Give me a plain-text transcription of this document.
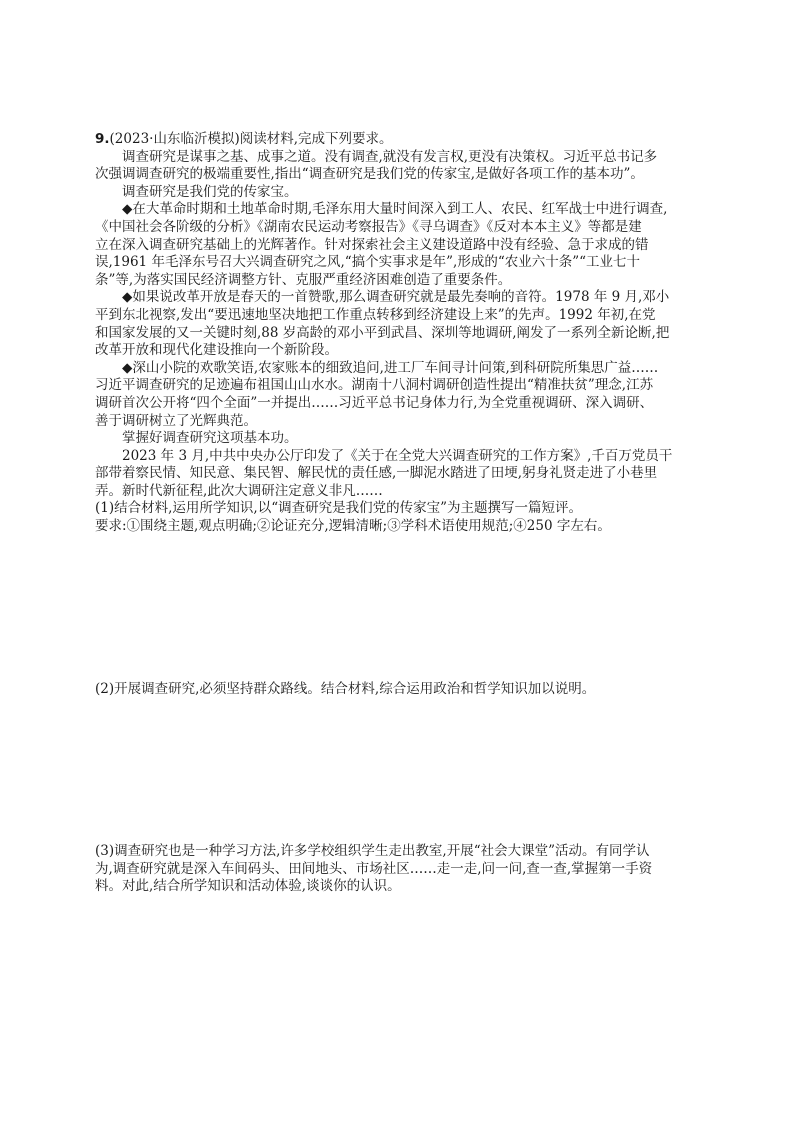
9.(2023·山东临沂模拟)阅读材料,完成下列要求。

调查研究是谋事之基、成事之道。没有调查,就没有发言权,更没有决策权。习近平总书记多

次强调调查研究的极端重要性,指出“调查研究是我们党的传家宝,是做好各项工作的基本功”。

调查研究是我们党的传家宝。

◆在大革命时期和土地革命时期,毛泽东用大量时间深入到工人、农民、红军战士中进行调查,

《中国社会各阶级的分析》《湖南农民运动考察报告》《寻乌调查》《反对本本主义》等都是建

立在深入调查研究基础上的光辉著作。针对探索社会主义建设道路中没有经验、急于求成的错

误,1961 年毛泽东号召大兴调查研究之风,“搞个实事求是年”,形成的“农业六十条”“工业七十

条”等,为落实国民经济调整方针、克服严重经济困难创造了重要条件。

◆如果说改革开放是春天的一首赞歌,那么调查研究就是最先奏响的音符。1978 年 9 月,邓小

平到东北视察,发出“要迅速地坚决地把工作重点转移到经济建设上来”的先声。1992 年初,在党

和国家发展的又一关键时刻,88 岁高龄的邓小平到武昌、深圳等地调研,阐发了一系列全新论断,把

改革开放和现代化建设推向一个新阶段。

◆深山小院的欢歌笑语,农家账本的细致追问,进工厂车间寻计问策,到科研院所集思广益……

习近平调查研究的足迹遍布祖国山山水水。湖南十八洞村调研创造性提出“精准扶贫”理念,江苏

调研首次公开将“四个全面”一并提出……习近平总书记身体力行,为全党重视调研、深入调研、

善于调研树立了光辉典范。

掌握好调查研究这项基本功。

2023 年 3 月,中共中央办公厅印发了《关于在全党大兴调查研究的工作方案》,千百万党员干

部带着察民情、知民意、集民智、解民忧的责任感,一脚泥水踏进了田埂,躬身礼贤走进了小巷里

弄。新时代新征程,此次大调研注定意义非凡……

(1)结合材料,运用所学知识,以“调查研究是我们党的传家宝”为主题撰写一篇短评。

要求:①围绕主题,观点明确;②论证充分,逻辑清晰;③学科术语使用规范;④250 字左右。

(2)开展调查研究,必须坚持群众路线。结合材料,综合运用政治和哲学知识加以说明。

(3)调查研究也是一种学习方法,许多学校组织学生走出教室,开展“社会大课堂”活动。有同学认

为,调查研究就是深入车间码头、田间地头、市场社区……走一走,问一问,查一查,掌握第一手资

料。对此,结合所学知识和活动体验,谈谈你的认识。
